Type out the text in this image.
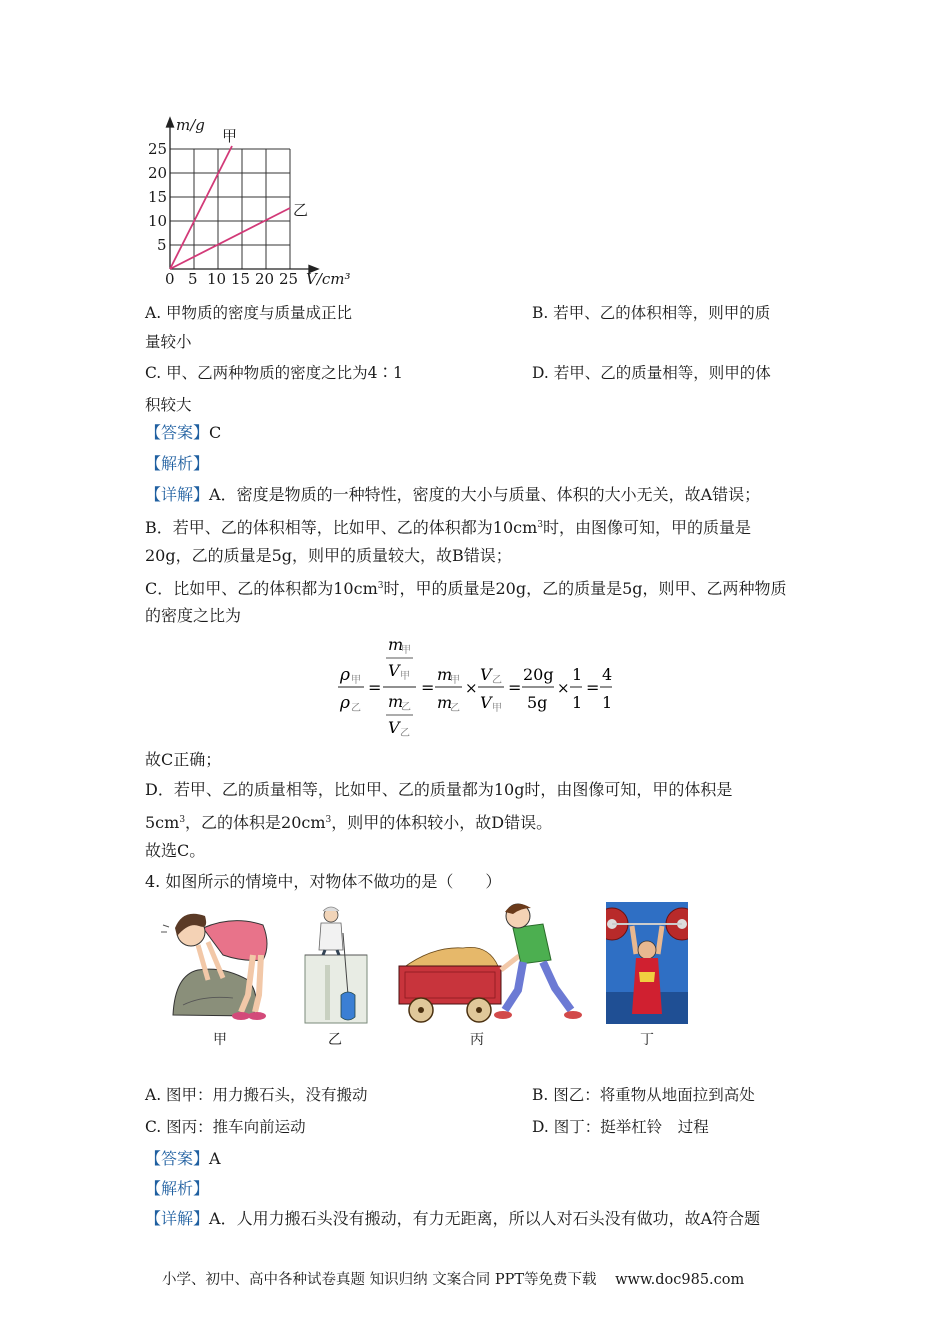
m/g
甲
乙
25
20
15
10
5
0 5 10 15 20 25 V/cm³
A. 甲物质的密度与质量成正比	B. 若甲、乙的体积相等，则甲的质
量较小
C. 甲、乙两种物质的密度之比为4∶1	D. 若甲、乙的质量相等，则甲的体
积较大
【答案】C
【解析】
【详解】A．密度是物质的一种特性，密度的大小与质量、体积的大小无关，故A错误；
B．若甲、乙的体积相等，比如甲、乙的体积都为$10cm^3$时，由图像可知，甲的质量是
20g，乙的质量是5g，则甲的质量较大，故B错误；
C．比如甲、乙的体积都为$10cm^3$时，甲的质量是20g，乙的质量是5g，则甲、乙两种物质
的密度之比为
ρ 甲
ρ 乙
=
m
甲
V 甲
m
乙
V 乙
=
m
甲
m
乙
×
V 乙
V 甲
=
20g
5g
×
1
1
=
4
1
故C正确；
D．若甲、乙的质量相等，比如甲、乙的质量都为10g时，由图像可知，甲的体积是
$5cm^3$，乙的体积是$20cm^3$，则甲的体积较小，故D错误。
故选C。
4. 如图所示的情境中，对物体不做功的是（　　）
甲	乙	丙	丁
A. 图甲：用力搬石头，没有搬动	B. 图乙：将重物从地面拉到高处
C. 图丙：推车向前运动	D. 图丁：挺举杠铃　过程
【答案】A
【解析】
【详解】A．人用力搬石头没有搬动，有力无距离，所以人对石头没有做功，故A符合题
小学、初中、高中各种试卷真题 知识归纳 文案合同 PPT等免费下载 www.doc985.com
